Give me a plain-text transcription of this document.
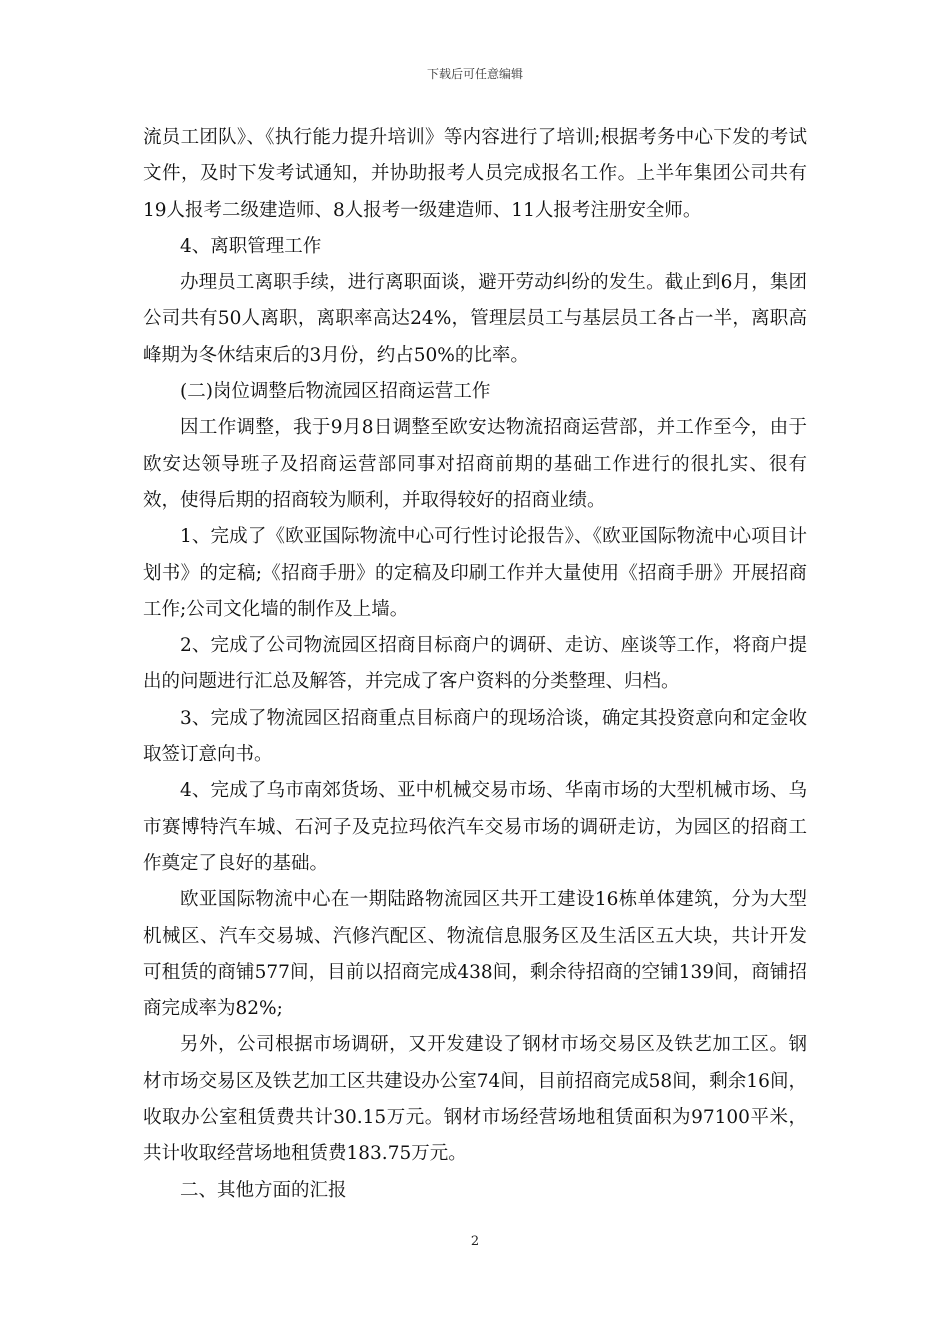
下载后可任意编辑

流员工团队》、《执行能力提升培训》等内容进行了培训;根据考务中心下发的考试文件，及时下发考试通知，并协助报考人员完成报名工作。上半年集团公司共有19人报考二级建造师、8人报考一级建造师、11人报考注册安全师。

4、离职管理工作

办理员工离职手续，进行离职面谈，避开劳动纠纷的发生。截止到6月，集团公司共有50人离职，离职率高达24%，管理层员工与基层员工各占一半，离职高峰期为冬休结束后的3月份，约占50%的比率。

(二)岗位调整后物流园区招商运营工作

因工作调整，我于9月8日调整至欧安达物流招商运营部，并工作至今，由于欧安达领导班子及招商运营部同事对招商前期的基础工作进行的很扎实、很有效，使得后期的招商较为顺利，并取得较好的招商业绩。

1、完成了《欧亚国际物流中心可行性讨论报告》、《欧亚国际物流中心项目计划书》的定稿;《招商手册》的定稿及印刷工作并大量使用《招商手册》开展招商工作;公司文化墙的制作及上墙。

2、完成了公司物流园区招商目标商户的调研、走访、座谈等工作，将商户提出的问题进行汇总及解答，并完成了客户资料的分类整理、归档。

3、完成了物流园区招商重点目标商户的现场洽谈，确定其投资意向和定金收取签订意向书。

4、完成了乌市南郊货场、亚中机械交易市场、华南市场的大型机械市场、乌市赛博特汽车城、石河子及克拉玛依汽车交易市场的调研走访，为园区的招商工作奠定了良好的基础。

欧亚国际物流中心在一期陆路物流园区共开工建设16栋单体建筑，分为大型机械区、汽车交易城、汽修汽配区、物流信息服务区及生活区五大块，共计开发可租赁的商铺577间，目前以招商完成438间，剩余待招商的空铺139间，商铺招商完成率为82%;

另外，公司根据市场调研，又开发建设了钢材市场交易区及铁艺加工区。钢材市场交易区及铁艺加工区共建设办公室74间，目前招商完成58间，剩余16间，收取办公室租赁费共计30.15万元。钢材市场经营场地租赁面积为97100平米，共计收取经营场地租赁费183.75万元。

二、其他方面的汇报

2
